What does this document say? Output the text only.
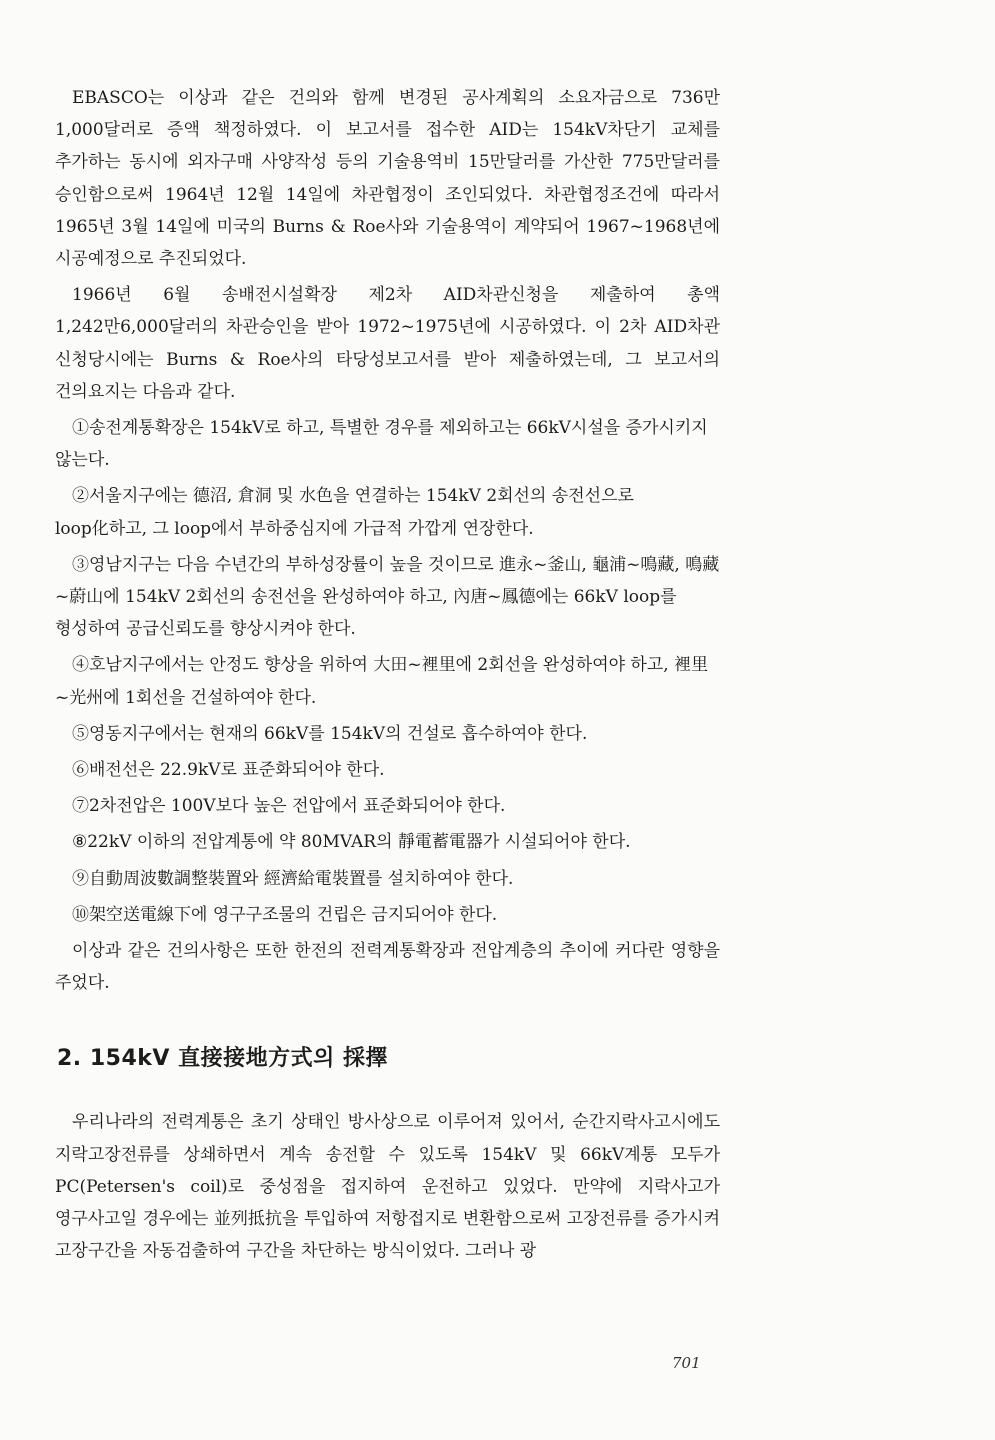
EBASCO는 이상과 같은 건의와 함께 변경된 공사계획의 소요자금으로 736만 1,000달러로 증액 책정하였다. 이 보고서를 접수한 AID는 154kV차단기 교체를 추가하는 동시에 외자구매 사양작성 등의 기술용역비 15만달러를 가산한 775만달러를 승인함으로써 1964년 12월 14일에 차관협정이 조인되었다. 차관협정조건에 따라서 1965년 3월 14일에 미국의 Burns & Roe사와 기술용역이 계약되어 1967~1968년에 시공예정으로 추진되었다.

1966년 6월 송배전시설확장 제2차 AID차관신청을 제출하여 총액 1,242만6,000달러의 차관승인을 받아 1972~1975년에 시공하였다. 이 2차 AID차관 신청당시에는 Burns & Roe사의 타당성보고서를 받아 제출하였는데, 그 보고서의 건의요지는 다음과 같다.

①송전계통확장은 154kV로 하고, 특별한 경우를 제외하고는 66kV시설을 증가시키지 않는다.

②서울지구에는 德沼, 倉洞 및 水色을 연결하는 154kV 2회선의 송전선으로 loop化하고, 그 loop에서 부하중심지에 가급적 가깝게 연장한다.

③영남지구는 다음 수년간의 부하성장률이 높을 것이므로 進永~釜山, 龜浦~鳴藏, 鳴藏~蔚山에 154kV 2회선의 송전선을 완성하여야 하고, 內唐~鳳德에는 66kV loop를 형성하여 공급신뢰도를 향상시켜야 한다.

④호남지구에서는 안정도 향상을 위하여 大田~裡里에 2회선을 완성하여야 하고, 裡里~光州에 1회선을 건설하여야 한다.

⑤영동지구에서는 현재의 66kV를 154kV의 건설로 흡수하여야 한다.

⑥배전선은 22.9kV로 표준화되어야 한다.

⑦2차전압은 100V보다 높은 전압에서 표준화되어야 한다.

⑧22kV 이하의 전압계통에 약 80MVAR의 靜電蓄電器가 시설되어야 한다.

⑨自動周波數調整裝置와 經濟給電裝置를 설치하여야 한다.

⑩架空送電線下에 영구구조물의 건립은 금지되어야 한다.

이상과 같은 건의사항은 또한 한전의 전력계통확장과 전압계층의 추이에 커다란 영향을 주었다.

2. 154kV 直接接地方式의 採擇

우리나라의 전력계통은 초기 상태인 방사상으로 이루어져 있어서, 순간지락사고시에도 지락고장전류를 상쇄하면서 계속 송전할 수 있도록 154kV 및 66kV계통 모두가 PC(Petersen's coil)로 중성점을 접지하여 운전하고 있었다. 만약에 지락사고가 영구사고일 경우에는 並列抵抗을 투입하여 저항접지로 변환함으로써 고장전류를 증가시켜 고장구간을 자동검출하여 구간을 차단하는 방식이었다. 그러나 광

701
